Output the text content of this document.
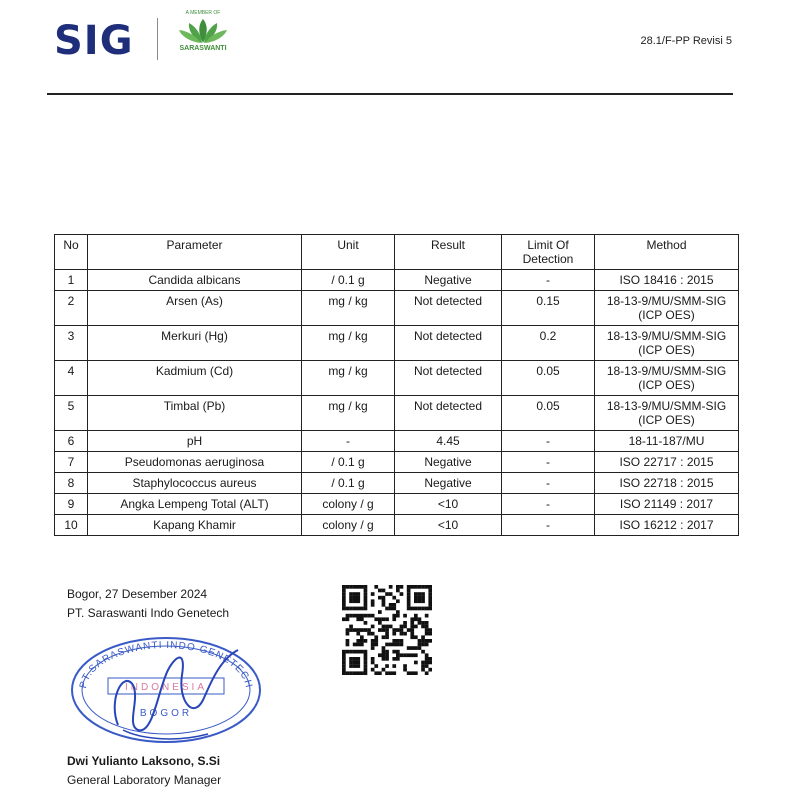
SIG
A MEMBER OF
SARASWANTI
28.1/F-PP Revisi 5
No	Parameter	Unit	Result	Limit Of Detection	Method
1	Candida albicans	/ 0.1 g	Negative	-	ISO 18416 : 2015
2	Arsen (As)	mg / kg	Not detected	0.15	18-13-9/MU/SMM-SIG (ICP OES)
3	Merkuri (Hg)	mg / kg	Not detected	0.2	18-13-9/MU/SMM-SIG (ICP OES)
4	Kadmium (Cd)	mg / kg	Not detected	0.05	18-13-9/MU/SMM-SIG (ICP OES)
5	Timbal (Pb)	mg / kg	Not detected	0.05	18-13-9/MU/SMM-SIG (ICP OES)
6	pH	-	4.45	-	18-11-187/MU
7	Pseudomonas aeruginosa	/ 0.1 g	Negative	-	ISO 22717 : 2015
8	Staphylococcus aureus	/ 0.1 g	Negative	-	ISO 22718 : 2015
9	Angka Lempeng Total (ALT)	colony / g	<10	-	ISO 21149 : 2017
10	Kapang Khamir	colony / g	<10	-	ISO 16212 : 2017
Bogor, 27 Desember 2024
PT. Saraswanti Indo Genetech
PT.SARASWANTI INDO GENETECH
INDONESIA
BOGOR
Dwi Yulianto Laksono, S.Si
General Laboratory Manager
